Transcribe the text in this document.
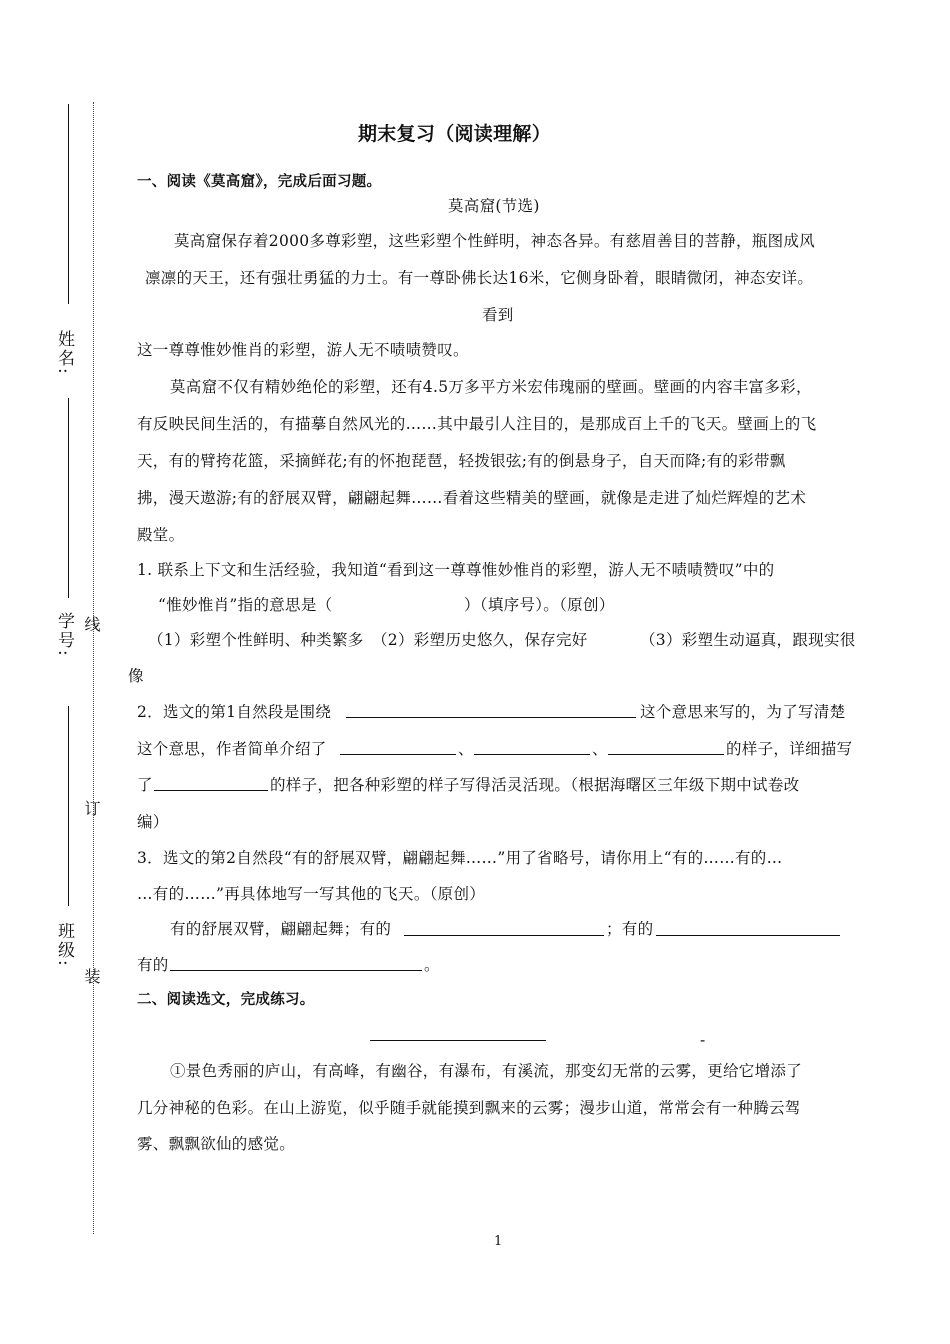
姓名:
学号: 线
订
班级:
装
期末复习（阅读理解）
一、阅读《莫高窟》，完成后面习题。
莫高窟(节选)
莫高窟保存着2000多尊彩塑，这些彩塑个性鲜明，神态各异。有慈眉善目的菩静，瓶图成风
凛凛的天王，还有强壮勇猛的力士。有一尊卧佛长达16米，它侧身卧着，眼睛微闭，神态安详。
看到
这一尊尊惟妙惟肖的彩塑，游人无不啧啧赞叹。
莫高窟不仅有精妙绝伦的彩塑，还有4.5万多平方米宏伟瑰丽的壁画。壁画的内容丰富多彩，
有反映民间生活的，有描摹自然风光的……其中最引人注目的，是那成百上千的飞天。壁画上的飞
天，有的臂挎花篮，采摘鲜花;有的怀抱琵琶，轻拨银弦;有的倒悬身子，自天而降;有的彩带飘
拂，漫天遨游;有的舒展双臂，翩翩起舞……看着这些精美的壁画，就像是走进了灿烂辉煌的艺术
殿堂。
1. 联系上下文和生活经验，我知道“看到这一尊尊惟妙惟肖的彩塑，游人无不啧啧赞叹”中的
“惟妙惟肖”指的意思是（	）（填序号）。（原创）
（1）彩塑个性鲜明、种类繁多 （2）彩塑历史悠久，保存完好	（3）彩塑生动逼真，跟现实很
像
2．选文的第1自然段是围绕	这个意思来写的，为了写清楚
这个意思，作者简单介绍了	、	、	的样子，详细描写
了	的样子，把各种彩塑的样子写得活灵活现。（根据海曙区三年级下期中试卷改
编）
3．选文的第2自然段“有的舒展双臂，翩翩起舞……”用了省略号，请你用上“有的……有的…
…有的……”再具体地写一写其他的飞天。（原创）
有的舒展双臂，翩翩起舞；有的	；有的
有的	。
二、阅读选文，完成练习。
-
①景色秀丽的庐山，有高峰，有幽谷，有瀑布，有溪流，那变幻无常的云雾，更给它增添了
几分神秘的色彩。在山上游览，似乎随手就能摸到飘来的云雾；漫步山道，常常会有一种腾云驾
雾、飘飘欲仙的感觉。
1
